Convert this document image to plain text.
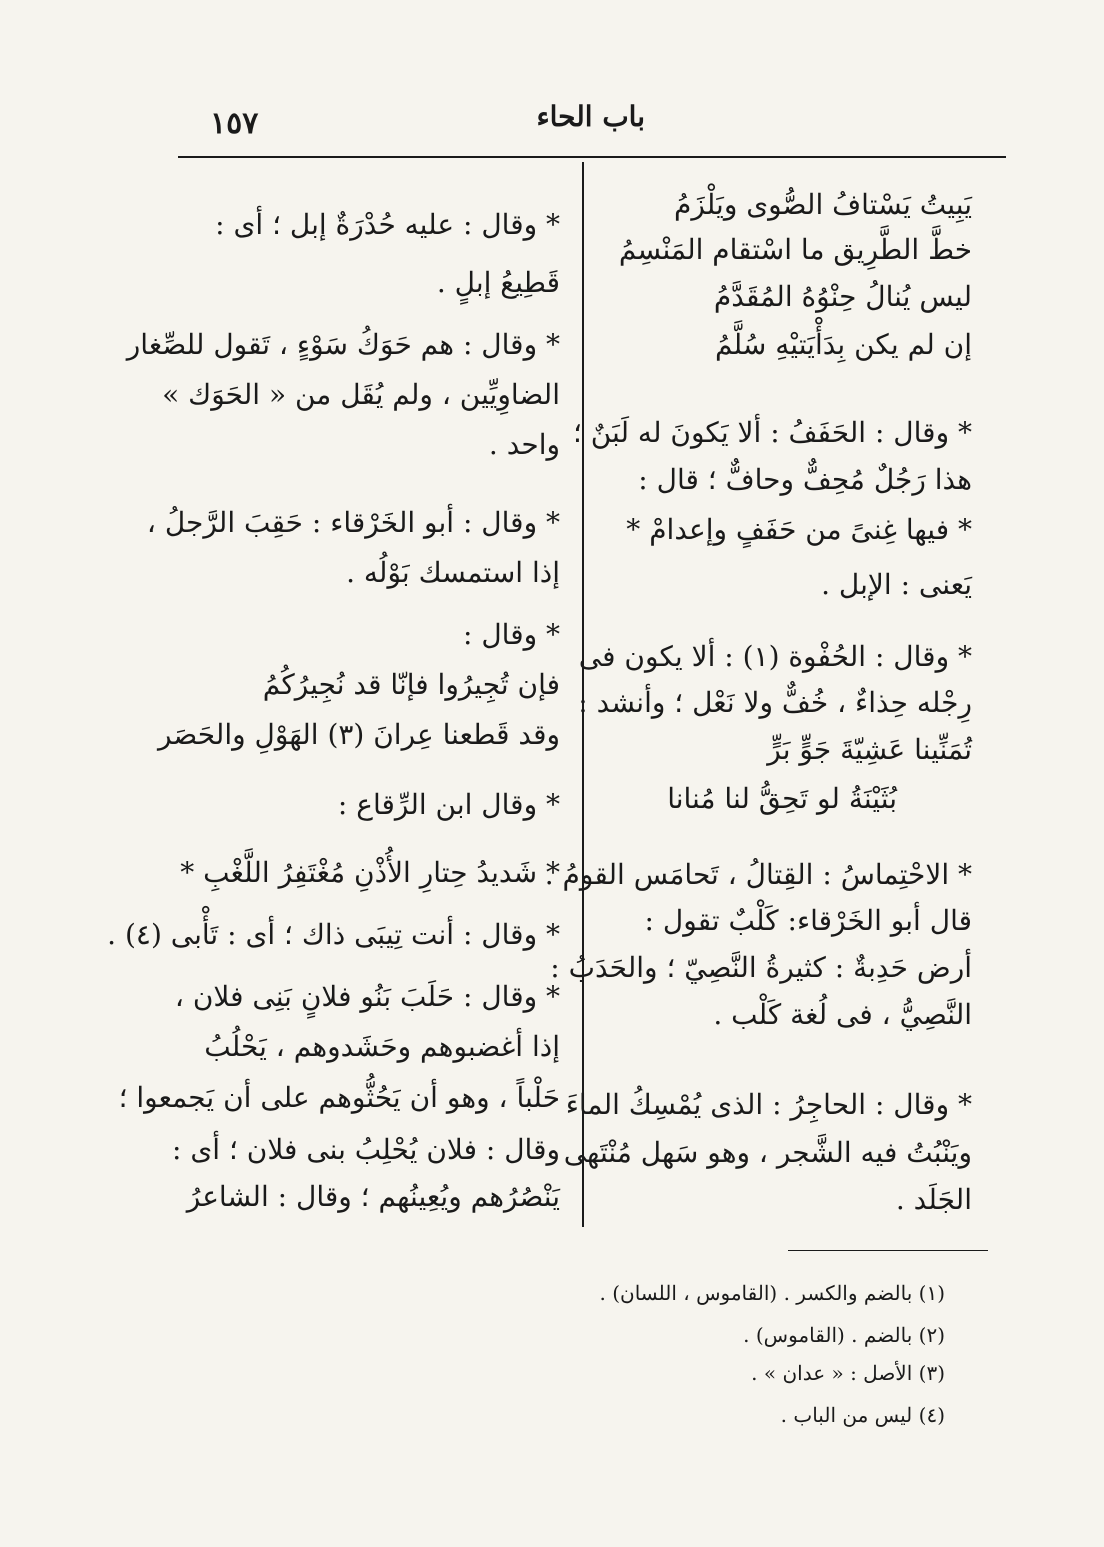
باب الحاء
١٥٧
يَبِيتُ يَسْتافُ الصُّوى ويَلْزَمُ
خطَّ الطَّرِيق ما اسْتقام المَنْسِمُ
ليس يُنالُ حِنْوُهُ المُقَدَّمُ
إن لم يكن بِدَأْيَتيْهِ سُلَّمُ
* وقال : الحَفَفُ : ألا يَكونَ له لَبَنٌ ؛
هذا رَجُلٌ مُحِفٌّ وحافٌّ ؛ قال :
* فيها غِنىً من حَفَفٍ وإعدامْ *
يَعنى : الإبل .
* وقال : الحُفْوة (١) : ألا يكون فى
رِجْله حِذاءٌ ، خُفٌّ ولا نَعْل ؛ وأنشد :
تُمَنِّينا عَشِيّةَ جَوٍّ بَرٍّ
بُثَيْنَةُ لو تَحِقُّ لنا مُنانا
* الاحْتِماسُ : القِتالُ ، تَحامَس القومُ .
قال أبو الخَرْقاء: كَلْبٌ تقول :
أرض حَدِبةٌ : كثيرةُ النَّصِيّ ؛ والحَدَبُ :
النَّصِيُّ ، فى لُغة كَلْب .
* وقال : الحاجِرُ : الذى يُمْسِكُ الماءَ
ويَنْبُتُ فيه الشَّجر ، وهو سَهل مُنْتَهى
الجَلَد .
* وقال : عليه حُدْرَةٌ إبل ؛ أى :
قَطِيعُ إبلٍ .
* وقال : هم حَوَكُ سَوْءٍ ، تَقول للصِّغار
الضاوِيِّين ، ولم يُقَل من « الحَوَك »
واحد .
* وقال : أبو الخَرْقاء : حَقِبَ الرَّجلُ ،
إذا استمسك بَوْلُه .
* وقال :
فإن تُجِيرُوا فإنّا قد نُجِيرُكُمُ
وقد قَطعنا عِرانَ (٣) الهَوْلِ والحَصَر
* وقال ابن الرِّقاع :
* شَديدُ حِتارِ الأُذْنِ مُغْتَفِرُ اللَّغْبِ *
* وقال : أنت تِيبَى ذاك ؛ أى : تَأْبى (٤) .
* وقال : حَلَبَ بَنُو فلانٍ بَنِى فلان ،
إذا أغضبوهم وحَشَدوهم ، يَحْلُبُ
حَلْباً ، وهو أن يَحُثُّوهم على أن يَجمعوا ؛
وقال : فلان يُحْلِبُ بنى فلان ؛ أى :
يَنْصُرُهم ويُعِينُهم ؛ وقال : الشاعرُ
(١) بالضم والكسر . (القاموس ، اللسان) .
(٢) بالضم . (القاموس) .
(٣) الأصل : « عدان » .
(٤) ليس من الباب .
